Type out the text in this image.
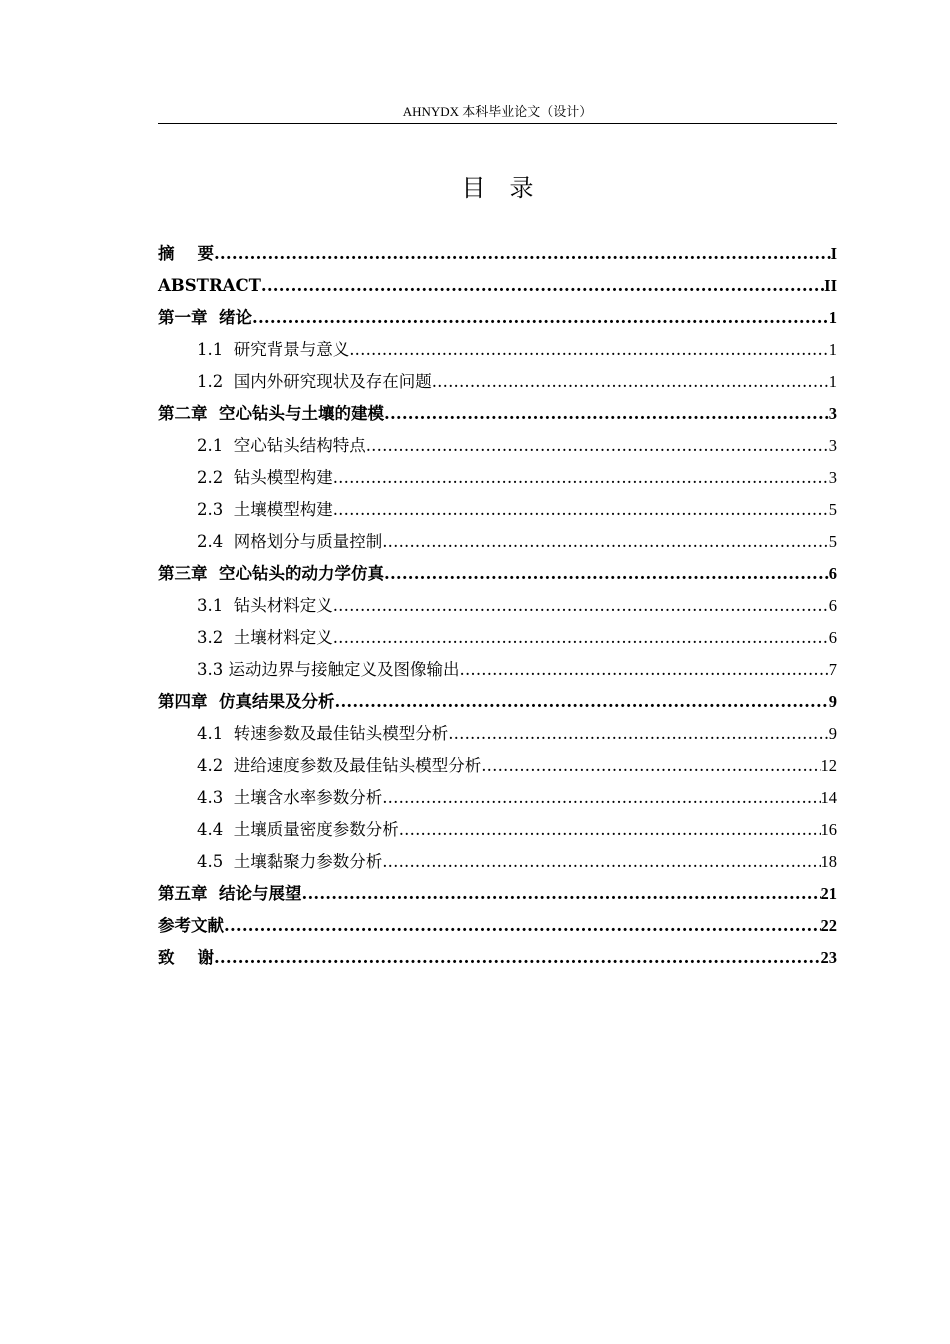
AHNYDX 本科毕业论文（设计）
目录
摘    要 .....	I
ABSTRACT .....	II
第一章  绪论 .....	1
1.1  研究背景与意义 .....	1
1.2  国内外研究现状及存在问题 .....	1
第二章  空心钻头与土壤的建模 .....	3
2.1  空心钻头结构特点 .....	3
2.2  钻头模型构建 .....	3
2.3  土壤模型构建 .....	5
2.4  网格划分与质量控制 .....	5
第三章  空心钻头的动力学仿真 .....	6
3.1  钻头材料定义 .....	6
3.2  土壤材料定义 .....	6
3.3 运动边界与接触定义及图像输出 .....	7
第四章  仿真结果及分析 .....	9
4.1  转速参数及最佳钻头模型分析 .....	9
4.2  进给速度参数及最佳钻头模型分析 .....	12
4.3  土壤含水率参数分析 .....	14
4.4  土壤质量密度参数分析 .....	16
4.5  土壤黏聚力参数分析 .....	18
第五章  结论与展望 .....	21
参考文献 .....	22
致    谢 .....	23
